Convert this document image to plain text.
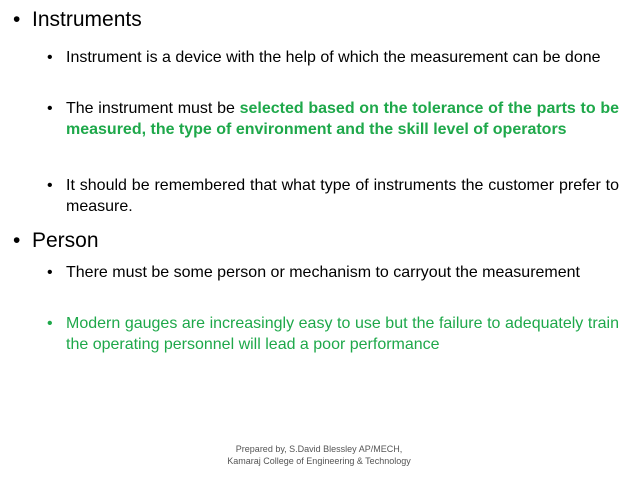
• Instruments
• Instrument is a device with the help of which the measurement can be done
• The instrument must be selected based on the tolerance of the parts to be measured, the type of environment and the skill level of operators
• It should be remembered that what type of instruments the customer prefer to measure.
• Person
• There must be some person or mechanism to carryout the measurement
• Modern gauges are increasingly easy to use but the failure to adequately train the operating personnel will lead a poor performance
Prepared by, S.David Blessley AP/MECH,
Kamaraj College of Engineering & Technology
